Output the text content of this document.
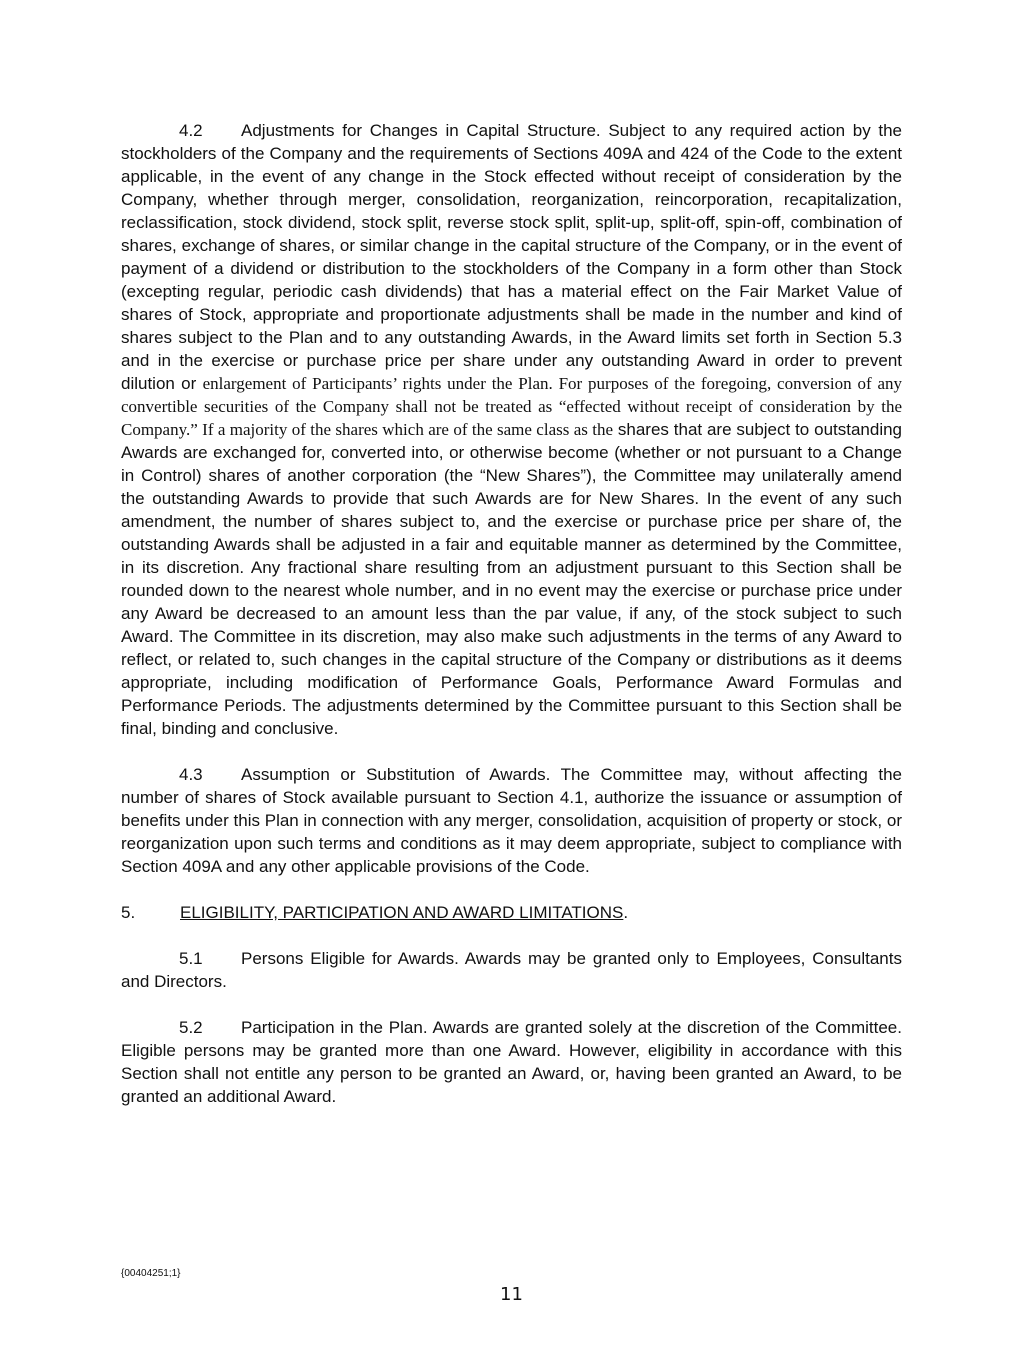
4.2 Adjustments for Changes in Capital Structure. Subject to any required action by the stockholders of the Company and the requirements of Sections 409A and 424 of the Code to the extent applicable, in the event of any change in the Stock effected without receipt of consideration by the Company, whether through merger, consolidation, reorganization, reincorporation, recapitalization, reclassification, stock dividend, stock split, reverse stock split, split-up, split-off, spin-off, combination of shares, exchange of shares, or similar change in the capital structure of the Company, or in the event of payment of a dividend or distribution to the stockholders of the Company in a form other than Stock (excepting regular, periodic cash dividends) that has a material effect on the Fair Market Value of shares of Stock, appropriate and proportionate adjustments shall be made in the number and kind of shares subject to the Plan and to any outstanding Awards, in the Award limits set forth in Section 5.3 and in the exercise or purchase price per share under any outstanding Award in order to prevent dilution or enlargement of Participants’ rights under the Plan. For purposes of the foregoing, conversion of any convertible securities of the Company shall not be treated as “effected without receipt of consideration by the Company.” If a majority of the shares which are of the same class as the shares that are subject to outstanding Awards are exchanged for, converted into, or otherwise become (whether or not pursuant to a Change in Control) shares of another corporation (the “New Shares”), the Committee may unilaterally amend the outstanding Awards to provide that such Awards are for New Shares. In the event of any such amendment, the number of shares subject to, and the exercise or purchase price per share of, the outstanding Awards shall be adjusted in a fair and equitable manner as determined by the Committee, in its discretion. Any fractional share resulting from an adjustment pursuant to this Section shall be rounded down to the nearest whole number, and in no event may the exercise or purchase price under any Award be decreased to an amount less than the par value, if any, of the stock subject to such Award. The Committee in its discretion, may also make such adjustments in the terms of any Award to reflect, or related to, such changes in the capital structure of the Company or distributions as it deems appropriate, including modification of Performance Goals, Performance Award Formulas and Performance Periods. The adjustments determined by the Committee pursuant to this Section shall be final, binding and conclusive.

4.3 Assumption or Substitution of Awards. The Committee may, without affecting the number of shares of Stock available pursuant to Section 4.1, authorize the issuance or assumption of benefits under this Plan in connection with any merger, consolidation, acquisition of property or stock, or reorganization upon such terms and conditions as it may deem appropriate, subject to compliance with Section 409A and any other applicable provisions of the Code.

5.	ELIGIBILITY, PARTICIPATION AND AWARD LIMITATIONS.

5.1 Persons Eligible for Awards. Awards may be granted only to Employees, Consultants and Directors.

5.2 Participation in the Plan. Awards are granted solely at the discretion of the Committee. Eligible persons may be granted more than one Award. However, eligibility in accordance with this Section shall not entitle any person to be granted an Award, or, having been granted an Award, to be granted an additional Award.

{00404251;1}
11
